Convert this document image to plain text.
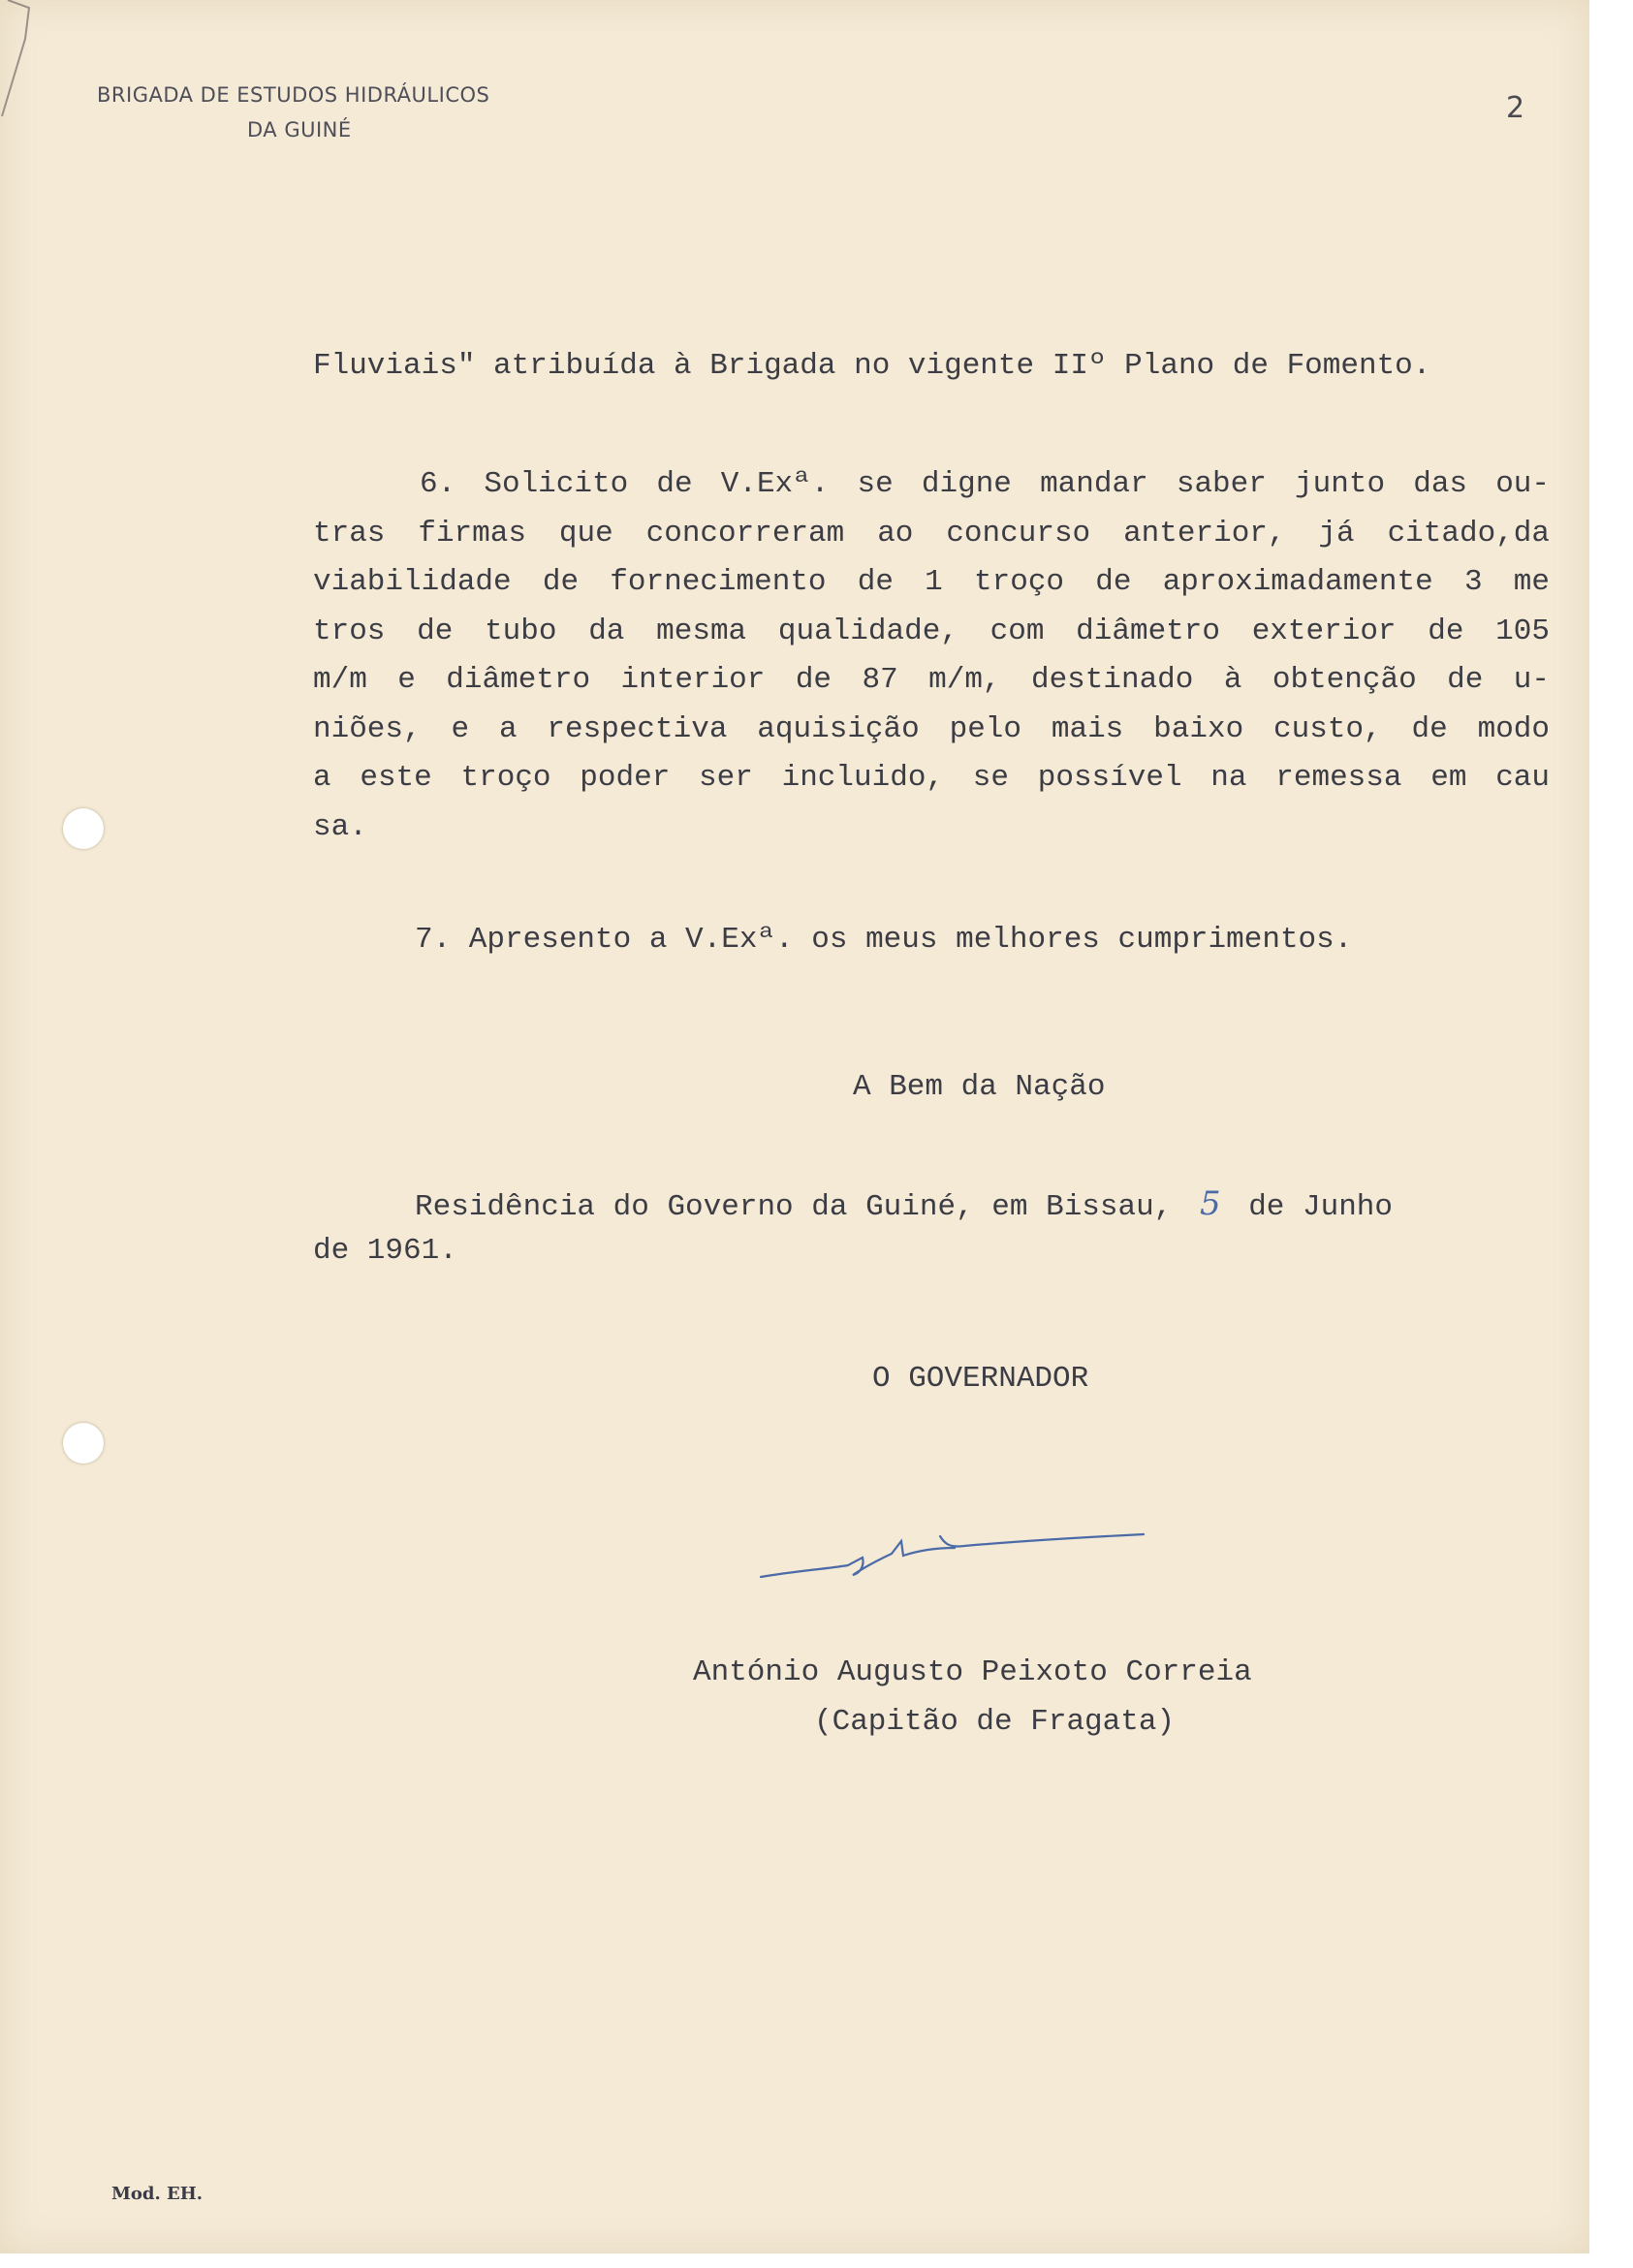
BRIGADA DE ESTUDOS HIDRÁULICOS
DA GUINÉ
2

Fluviais" atribuída à Brigada no vigente IIº Plano de Fomento.

6. Solicito de V.Exª. se digne mandar saber junto das ou-
tras firmas que concorreram ao concurso anterior, já citado,da
viabilidade de fornecimento de 1 troço de aproximadamente 3 me
tros de tubo da mesma qualidade, com diâmetro exterior de 105
m/m e diâmetro interior de 87 m/m, destinado à obtenção de u-
niões, e a respectiva aquisição pelo mais baixo custo, de modo
a este troço poder ser incluido, se possível na remessa em cau
sa.

7. Apresento a V.Exª. os meus melhores cumprimentos.

A Bem da Nação

Residência do Governo da Guiné, em Bissau, 5 de Junho

de 1961.

O GOVERNADOR

António Augusto Peixoto Correia

(Capitão de Fragata)

Mod. EH.
